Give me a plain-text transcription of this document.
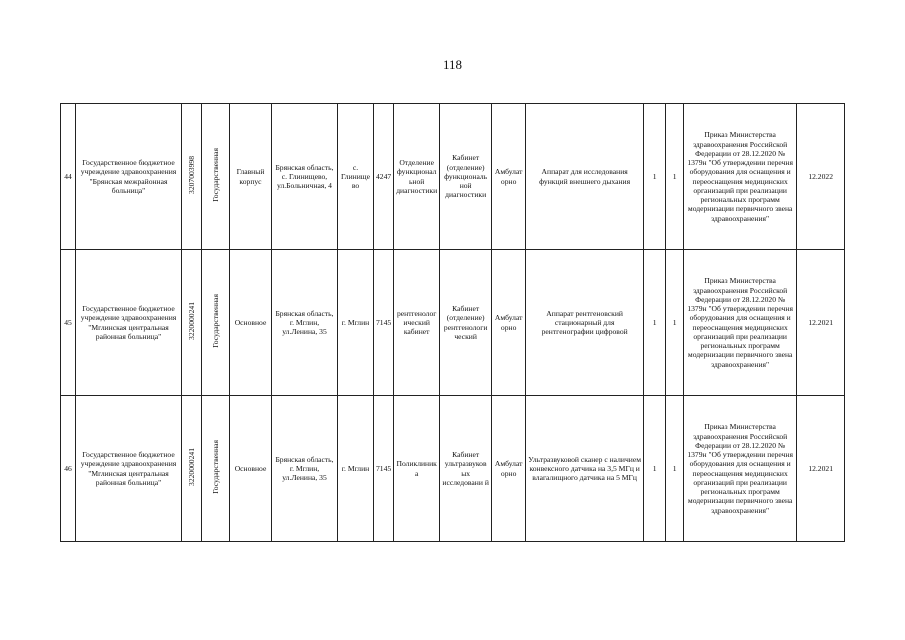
118
44	Государственное бюджетное учреждение здравоохранения "Брянская межрайонная больница"	3207003998	Государственная	Главный корпус	Брянская область, с. Глинищево, ул.Больничная, 4	с. Глинище во	4247	Отделение функционал ьной диагностики	Кабинет (отделение) функциональ ной диагностики	Амбулат орно	Аппарат для исследования функций внешнего дыхания	1	1	Приказ Министерства здравоохранения Российской Федерации от 28.12.2020 № 1379н "Об утверждении перечня оборудования для оснащения и переоснащения медицинских организаций при реализации региональных программ модернизации первичного звена здравоохранения"	12.2022
45	Государственное бюджетное учреждение здравоохранения "Мглинская центральная районная больница"	3220000241	Государственная	Основное	Брянская область, г. Мглин, ул.Ленина, 35	г. Мглин	7145	рентгенолог ический кабинет	Кабинет (отделение) рентгенологи ческий	Амбулат орно	Аппарат рентгеновский стационарный для рентгенографии цифровой	1	1	Приказ Министерства здравоохранения Российской Федерации от 28.12.2020 № 1379н "Об утверждении перечня оборудования для оснащения и переоснащения медицинских организаций при реализации региональных программ модернизации первичного звена здравоохранения"	12.2021
46	Государственное бюджетное учреждение здравоохранения "Мглинская центральная районная больница"	3220000241	Государственная	Основное	Брянская область, г. Мглин, ул.Ленина, 35	г. Мглин	7145	Поликлиник а	Кабинет ультразвуков ых исследовани й	Амбулат орно	Ультразвуковой сканер с наличием конвексного датчика на 3,5 МГц и влагалищного датчика на 5 МГц	1	1	Приказ Министерства здравоохранения Российской Федерации от 28.12.2020 № 1379н "Об утверждении перечня оборудования для оснащения и переоснащения медицинских организаций при реализации региональных программ модернизации первичного звена здравоохранения"	12.2021
